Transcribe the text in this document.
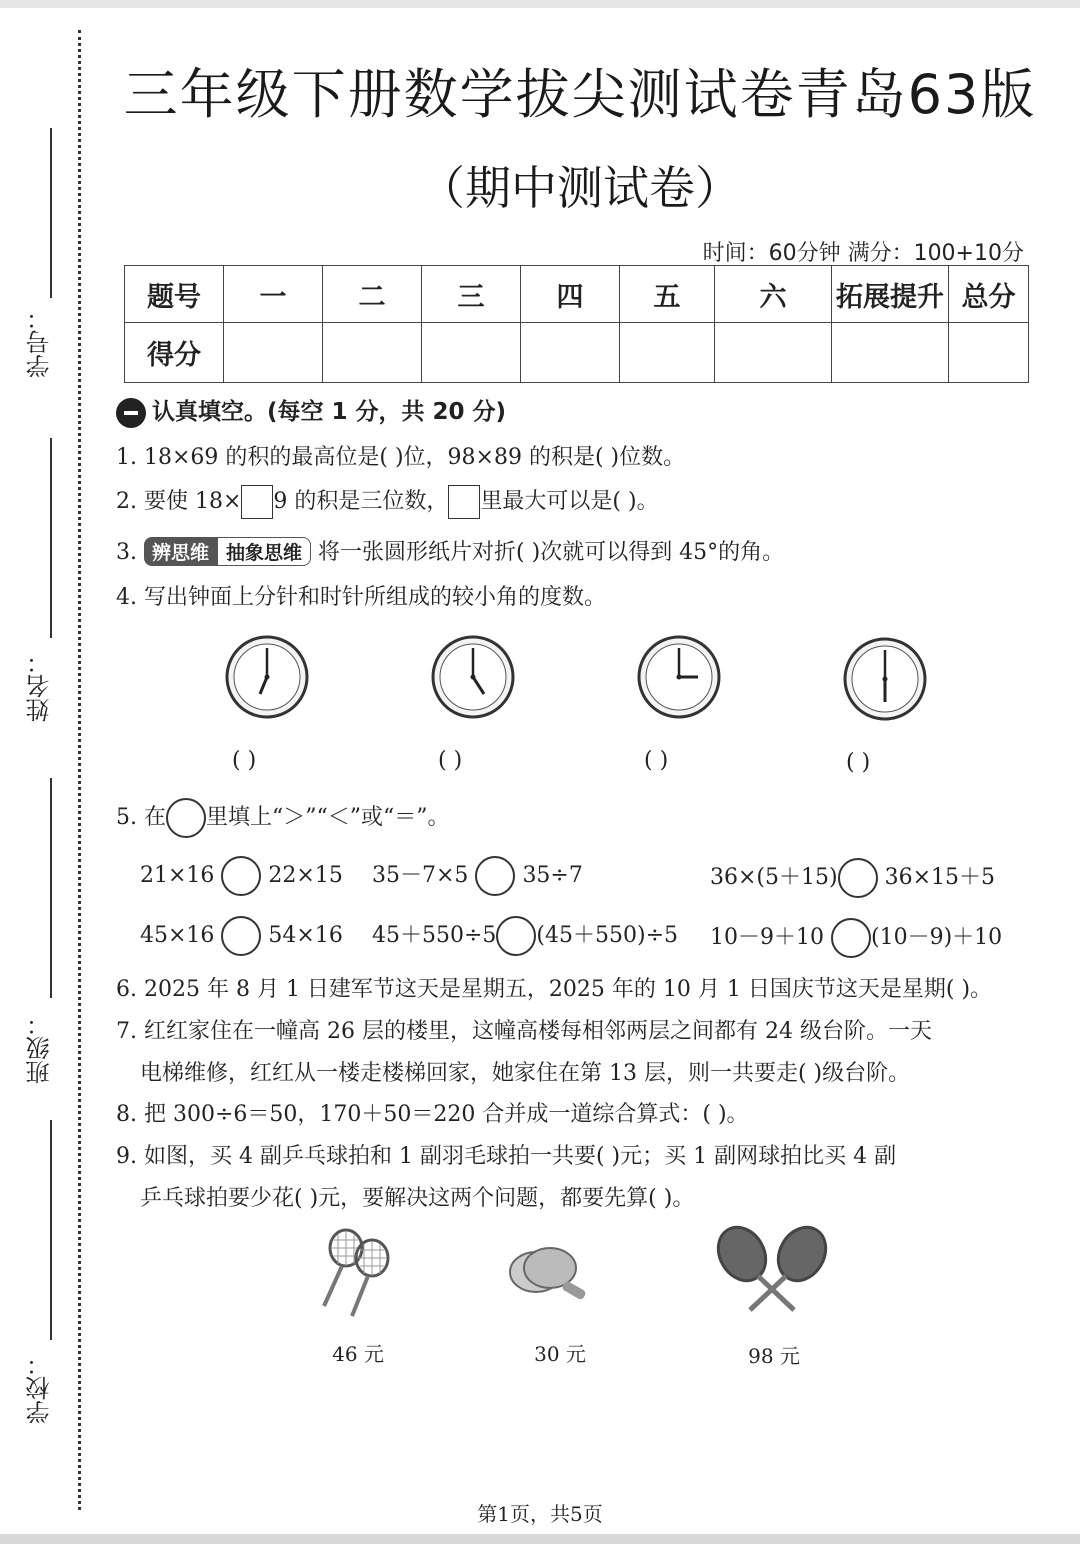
学号：
姓名：
班级：
学校：
三年级下册数学拔尖测试卷青岛63版
（期中测试卷）
时间：60分钟 满分：100+10分
题号	一	二	三	四	五	六	拓展提升	总分
得分								
认真填空。(每空 1 分，共 20 分)
1. 18×69 的积的最高位是( )位，98×89 的积是( )位数。
2. 要使 18× 9 的积是三位数， 里最大可以是( )。
3. 辨思维 抽象思维 将一张圆形纸片对折( )次就可以得到 45°的角。
4. 写出钟面上分针和时针所组成的较小角的度数。
( )	( )	( )	( )
5. 在 里填上“＞”“＜”或“＝”。
21×16 22×15 35－7×5 35÷7	36×(5＋15) 36×15＋5
45×16 54×16 45＋550÷5 (45＋550)÷5 10－9＋10 (10－9)＋10
6. 2025 年 8 月 1 日建军节这天是星期五，2025 年的 10 月 1 日国庆节这天是星期( )。
7. 红红家住在一幢高 26 层的楼里，这幢高楼每相邻两层之间都有 24 级台阶。一天
电梯维修，红红从一楼走楼梯回家，她家住在第 13 层，则一共要走( )级台阶。
8. 把 300÷6＝50，170＋50＝220 合并成一道综合算式：( )。
9. 如图，买 4 副乒乓球拍和 1 副羽毛球拍一共要( )元；买 1 副网球拍比买 4 副
乒乓球拍要少花( )元，要解决这两个问题，都要先算( )。
46 元	30 元	98 元
第1页，共5页
